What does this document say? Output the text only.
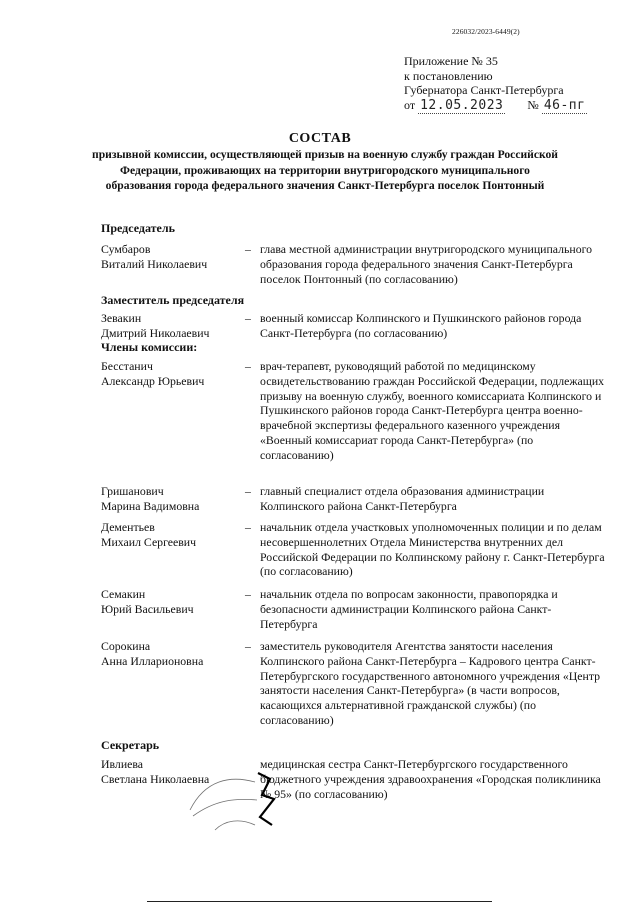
226032/2023-6449(2)
Приложение № 35
к постановлению
Губернатора Санкт-Петербурга
от 12.05.2023 № 46-пг
СОСТАВ
призывной комиссии, осуществляющей призыв на военную службу граждан Российской Федерации, проживающих на территории внутригородского муниципального образования города федерального значения Санкт-Петербурга поселок Понтонный
Председатель
Сумбаров
Виталий Николаевич
– глава местной администрации внутригородского муниципального образования города федерального значения Санкт-Петербурга поселок Понтонный (по согласованию)
Заместитель председателя
Зевакин
Дмитрий Николаевич
– военный комиссар Колпинского и Пушкинского районов города Санкт-Петербурга (по согласованию)
Члены комиссии:
Бесстанич
Александр Юрьевич
– врач-терапевт, руководящий работой по медицинскому освидетельствованию граждан Российской Федерации, подлежащих призыву на военную службу, военного комиссариата Колпинского и Пушкинского районов города Санкт-Петербурга центра военно-врачебной экспертизы федерального казенного учреждения «Военный комиссариат города Санкт-Петербурга» (по согласованию)
Гришанович
Марина Вадимовна
– главный специалист отдела образования администрации Колпинского района Санкт-Петербурга
Дементьев
Михаил Сергеевич
– начальник отдела участковых уполномоченных полиции и по делам несовершеннолетних Отдела Министерства внутренних дел Российской Федерации по Колпинскому району г. Санкт-Петербурга (по согласованию)
Семакин
Юрий Васильевич
– начальник отдела по вопросам законности, правопорядка и безопасности администрации Колпинского района Санкт-Петербурга
Сорокина
Анна Илларионовна
– заместитель руководителя Агентства занятости населения Колпинского района Санкт-Петербурга – Кадрового центра Санкт-Петербургского государственного автономного учреждения «Центр занятости населения Санкт-Петербурга» (в части вопросов, касающихся альтернативной гражданской службы) (по согласованию)
Секретарь
Ивлиева
Светлана Николаевна
медицинская сестра Санкт-Петербургского государственного бюджетного учреждения здравоохранения «Городская поликлиника № 95» (по согласованию)
